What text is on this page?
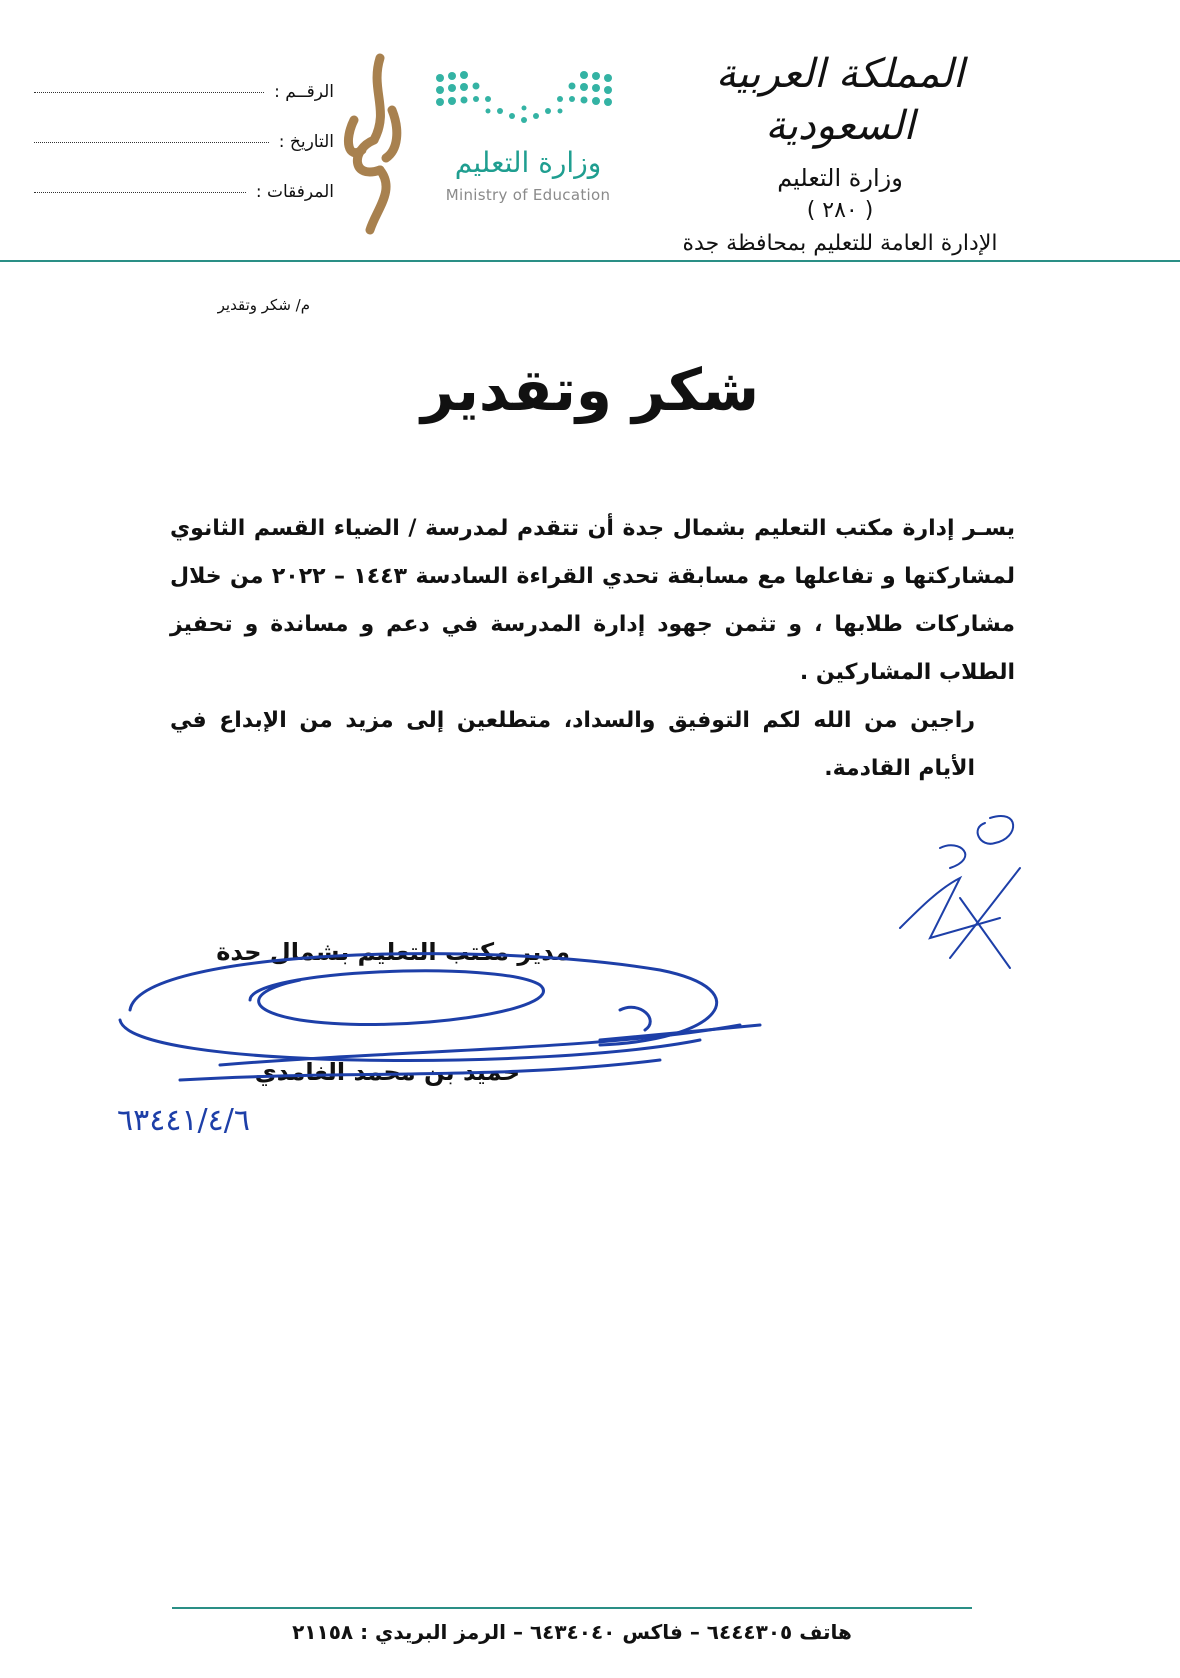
المملكة العربية السعودية
وزارة التعليم
( ٢٨٠ )
الإدارة العامة للتعليم بمحافظة جدة
وزارة التعليم
Ministry of Education
الرقــم :
التاريخ :
المرفقات :
م/ شكر وتقدير
شكر وتقدير

يسـر إدارة مكتب التعليم بشمال جدة أن تتقدم لمدرسة / الضياء القسم الثانوي لمشاركتها و تفاعلها مع مسابقة تحدي القراءة السادسة ١٤٤٣ – ٢٠٢٢ من خلال مشاركات طلابها ، و تثمن جهود إدارة المدرسة في دعم و مساندة و تحفيز الطلاب المشاركين .

راجين من الله لكم التوفيق والسداد، متطلعين إلى مزيد من الإبداع في الأيام القادمة.

مدير مكتب التعليم بشمال جدة
حميد بن محمد الغامدي
٦/٤/١٤٤٣٦
هاتف ٦٤٤٤٣٠٥ – فاكس ٦٤٣٤٠٤٠ – الرمز البريدي : ٢١١٥٨
